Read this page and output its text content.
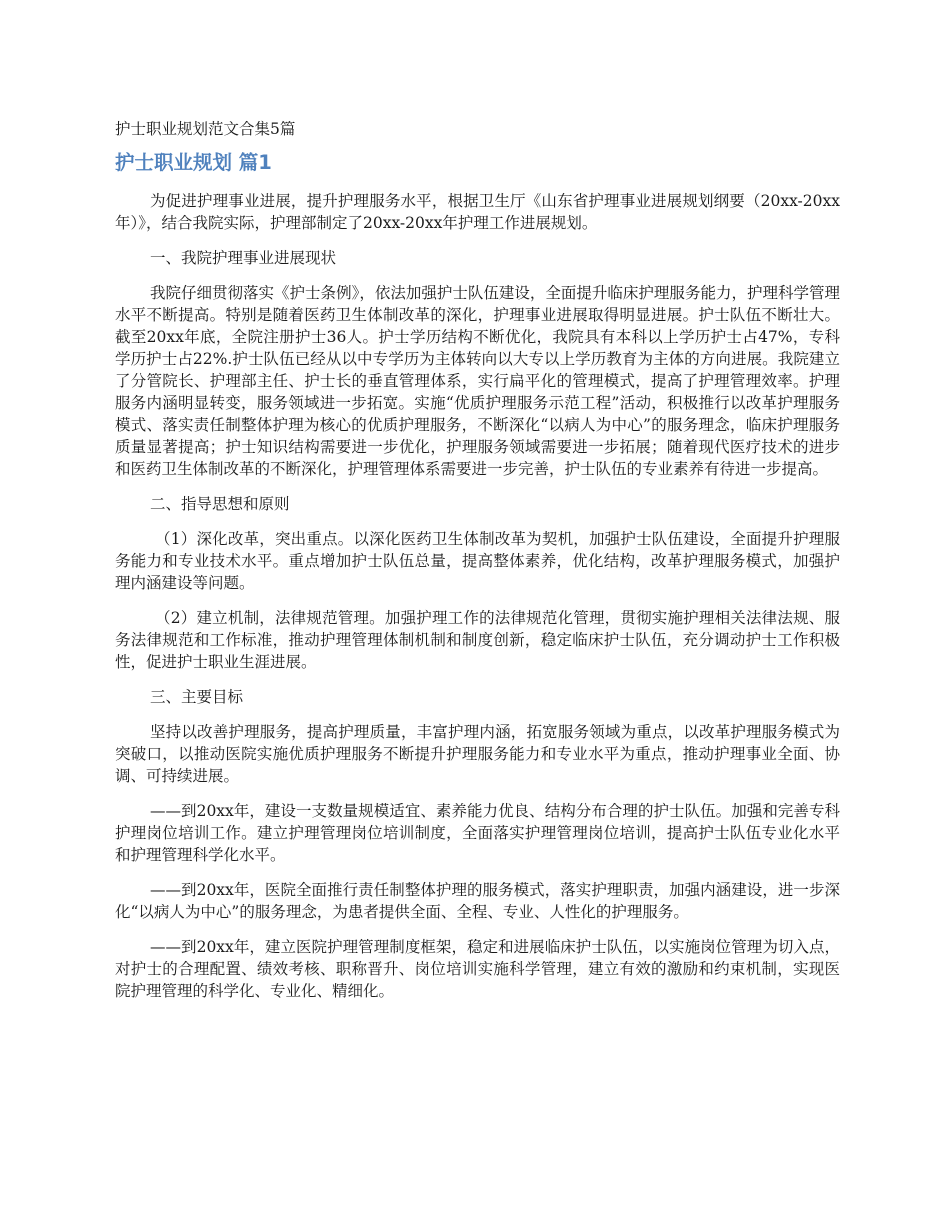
护士职业规划范文合集5篇
护士职业规划 篇1

为促进护理事业进展，提升护理服务水平，根据卫生厅《山东省护理事业进展规划纲要（20xx-20xx年）》，结合我院实际，护理部制定了20xx-20xx年护理工作进展规划。

一、我院护理事业进展现状

我院仔细贯彻落实《护士条例》，依法加强护士队伍建设，全面提升临床护理服务能力，护理科学管理水平不断提高。特别是随着医药卫生体制改革的深化，护理事业进展取得明显进展。护士队伍不断壮大。截至20xx年底，全院注册护士36人。护士学历结构不断优化，我院具有本科以上学历护士占47%，专科学历护士占22%.护士队伍已经从以中专学历为主体转向以大专以上学历教育为主体的方向进展。我院建立了分管院长、护理部主任、护士长的垂直管理体系，实行扁平化的管理模式，提高了护理管理效率。护理服务内涵明显转变，服务领域进一步拓宽。实施“优质护理服务示范工程”活动，积极推行以改革护理服务模式、落实责任制整体护理为核心的优质护理服务，不断深化“以病人为中心”的服务理念，临床护理服务质量显著提高；护士知识结构需要进一步优化，护理服务领域需要进一步拓展；随着现代医疗技术的进步和医药卫生体制改革的不断深化，护理管理体系需要进一步完善，护士队伍的专业素养有待进一步提高。

二、指导思想和原则

（1）深化改革，突出重点。以深化医药卫生体制改革为契机，加强护士队伍建设，全面提升护理服务能力和专业技术水平。重点增加护士队伍总量，提高整体素养，优化结构，改革护理服务模式，加强护理内涵建设等问题。

（2）建立机制，法律规范管理。加强护理工作的法律规范化管理，贯彻实施护理相关法律法规、服务法律规范和工作标准，推动护理管理体制机制和制度创新，稳定临床护士队伍，充分调动护士工作积极性，促进护士职业生涯进展。

三、主要目标

坚持以改善护理服务，提高护理质量，丰富护理内涵，拓宽服务领域为重点，以改革护理服务模式为突破口，以推动医院实施优质护理服务不断提升护理服务能力和专业水平为重点，推动护理事业全面、协调、可持续进展。

——到20xx年，建设一支数量规模适宜、素养能力优良、结构分布合理的护士队伍。加强和完善专科护理岗位培训工作。建立护理管理岗位培训制度，全面落实护理管理岗位培训，提高护士队伍专业化水平和护理管理科学化水平。

——到20xx年，医院全面推行责任制整体护理的服务模式，落实护理职责，加强内涵建设，进一步深化“以病人为中心”的服务理念，为患者提供全面、全程、专业、人性化的护理服务。

——到20xx年，建立医院护理管理制度框架，稳定和进展临床护士队伍，以实施岗位管理为切入点，对护士的合理配置、绩效考核、职称晋升、岗位培训实施科学管理，建立有效的激励和约束机制，实现医院护理管理的科学化、专业化、精细化。
